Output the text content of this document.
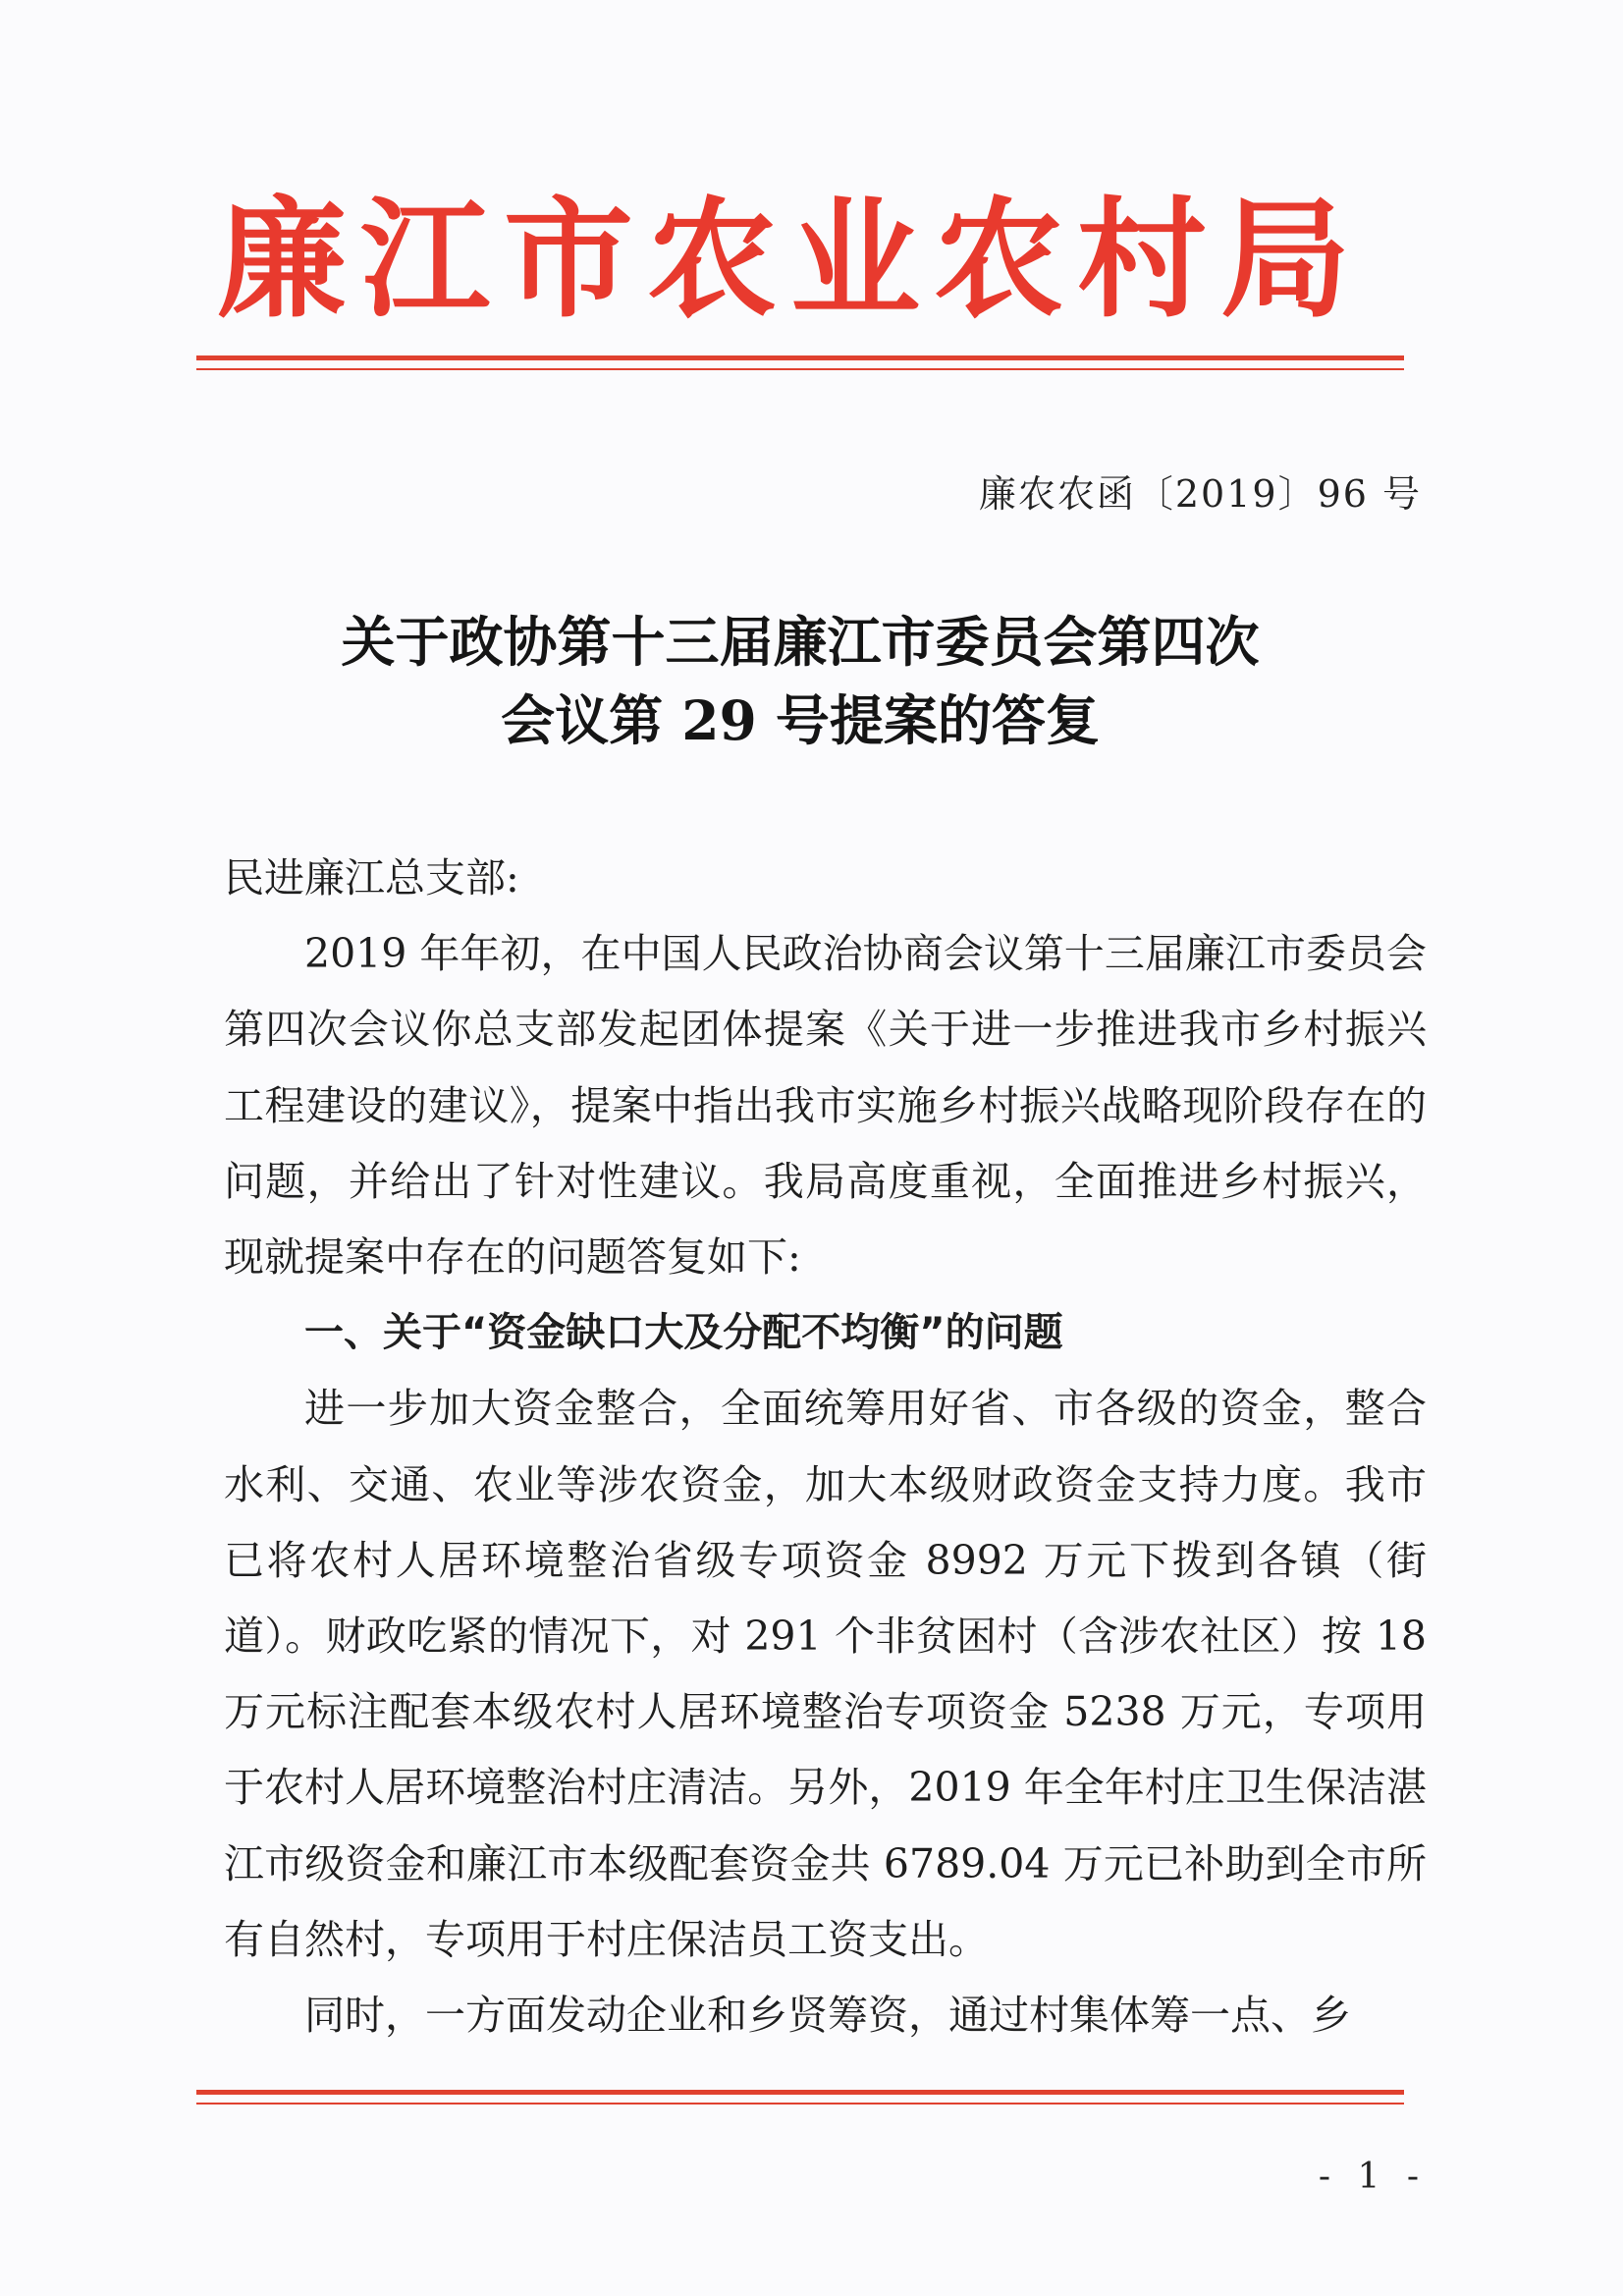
廉江市农业农村局
廉农农函〔2019〕96 号
关于政协第十三届廉江市委员会第四次
会议第 29 号提案的答复

民进廉江总支部:

2019 年年初，在中国人民政治协商会议第十三届廉江市委员会第四次会议你总支部发起团体提案《关于进一步推进我市乡村振兴工程建设的建议》，提案中指出我市实施乡村振兴战略现阶段存在的问题，并给出了针对性建议。我局高度重视，全面推进乡村振兴，现就提案中存在的问题答复如下:

一、关于“资金缺口大及分配不均衡”的问题

进一步加大资金整合，全面统筹用好省、市各级的资金，整合水利、交通、农业等涉农资金，加大本级财政资金支持力度。我市已将农村人居环境整治省级专项资金 8992 万元下拨到各镇（街道）。财政吃紧的情况下，对 291 个非贫困村（含涉农社区）按 18 万元标注配套本级农村人居环境整治专项资金 5238 万元，专项用于农村人居环境整治村庄清洁。另外，2019 年全年村庄卫生保洁湛江市级资金和廉江市本级配套资金共 6789.04 万元已补助到全市所有自然村，专项用于村庄保洁员工资支出。

同时，一方面发动企业和乡贤筹资，通过村集体筹一点、乡

- 1 -
